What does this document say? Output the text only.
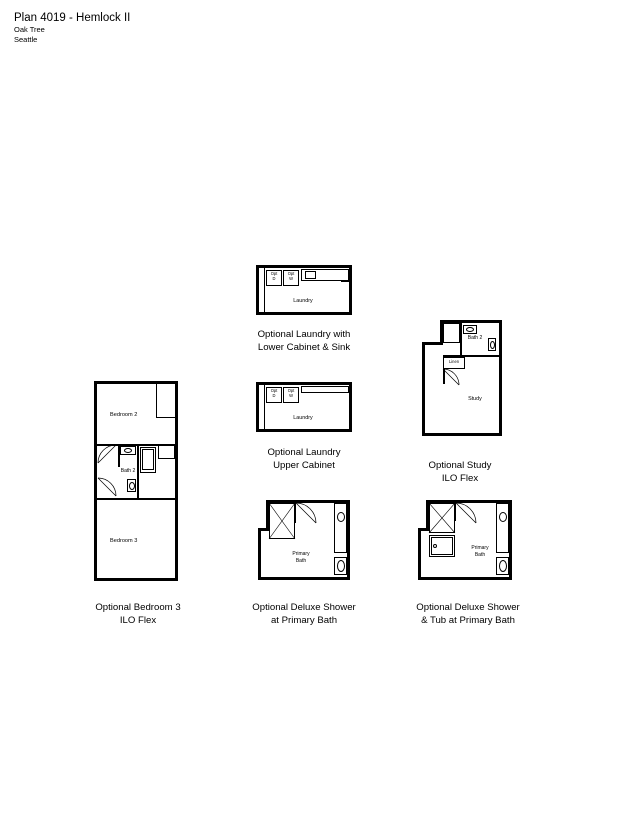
Plan 4019 - Hemlock II
Oak Tree
Seattle
Opt
D
Opt
W
Laundry
Optional Laundry with
Lower Cabinet & Sink
Opt
D
Opt
W
Laundry
Optional Laundry
Upper Cabinet
Bath 2
Linen
Study
Optional Study
ILO Flex
Bedroom 2
Bath 2
Bedroom 3
Optional Bedroom 3
ILO Flex
Primary
Bath
Optional Deluxe Shower
at Primary Bath
Primary
Bath
Optional Deluxe Shower
& Tub at Primary Bath
